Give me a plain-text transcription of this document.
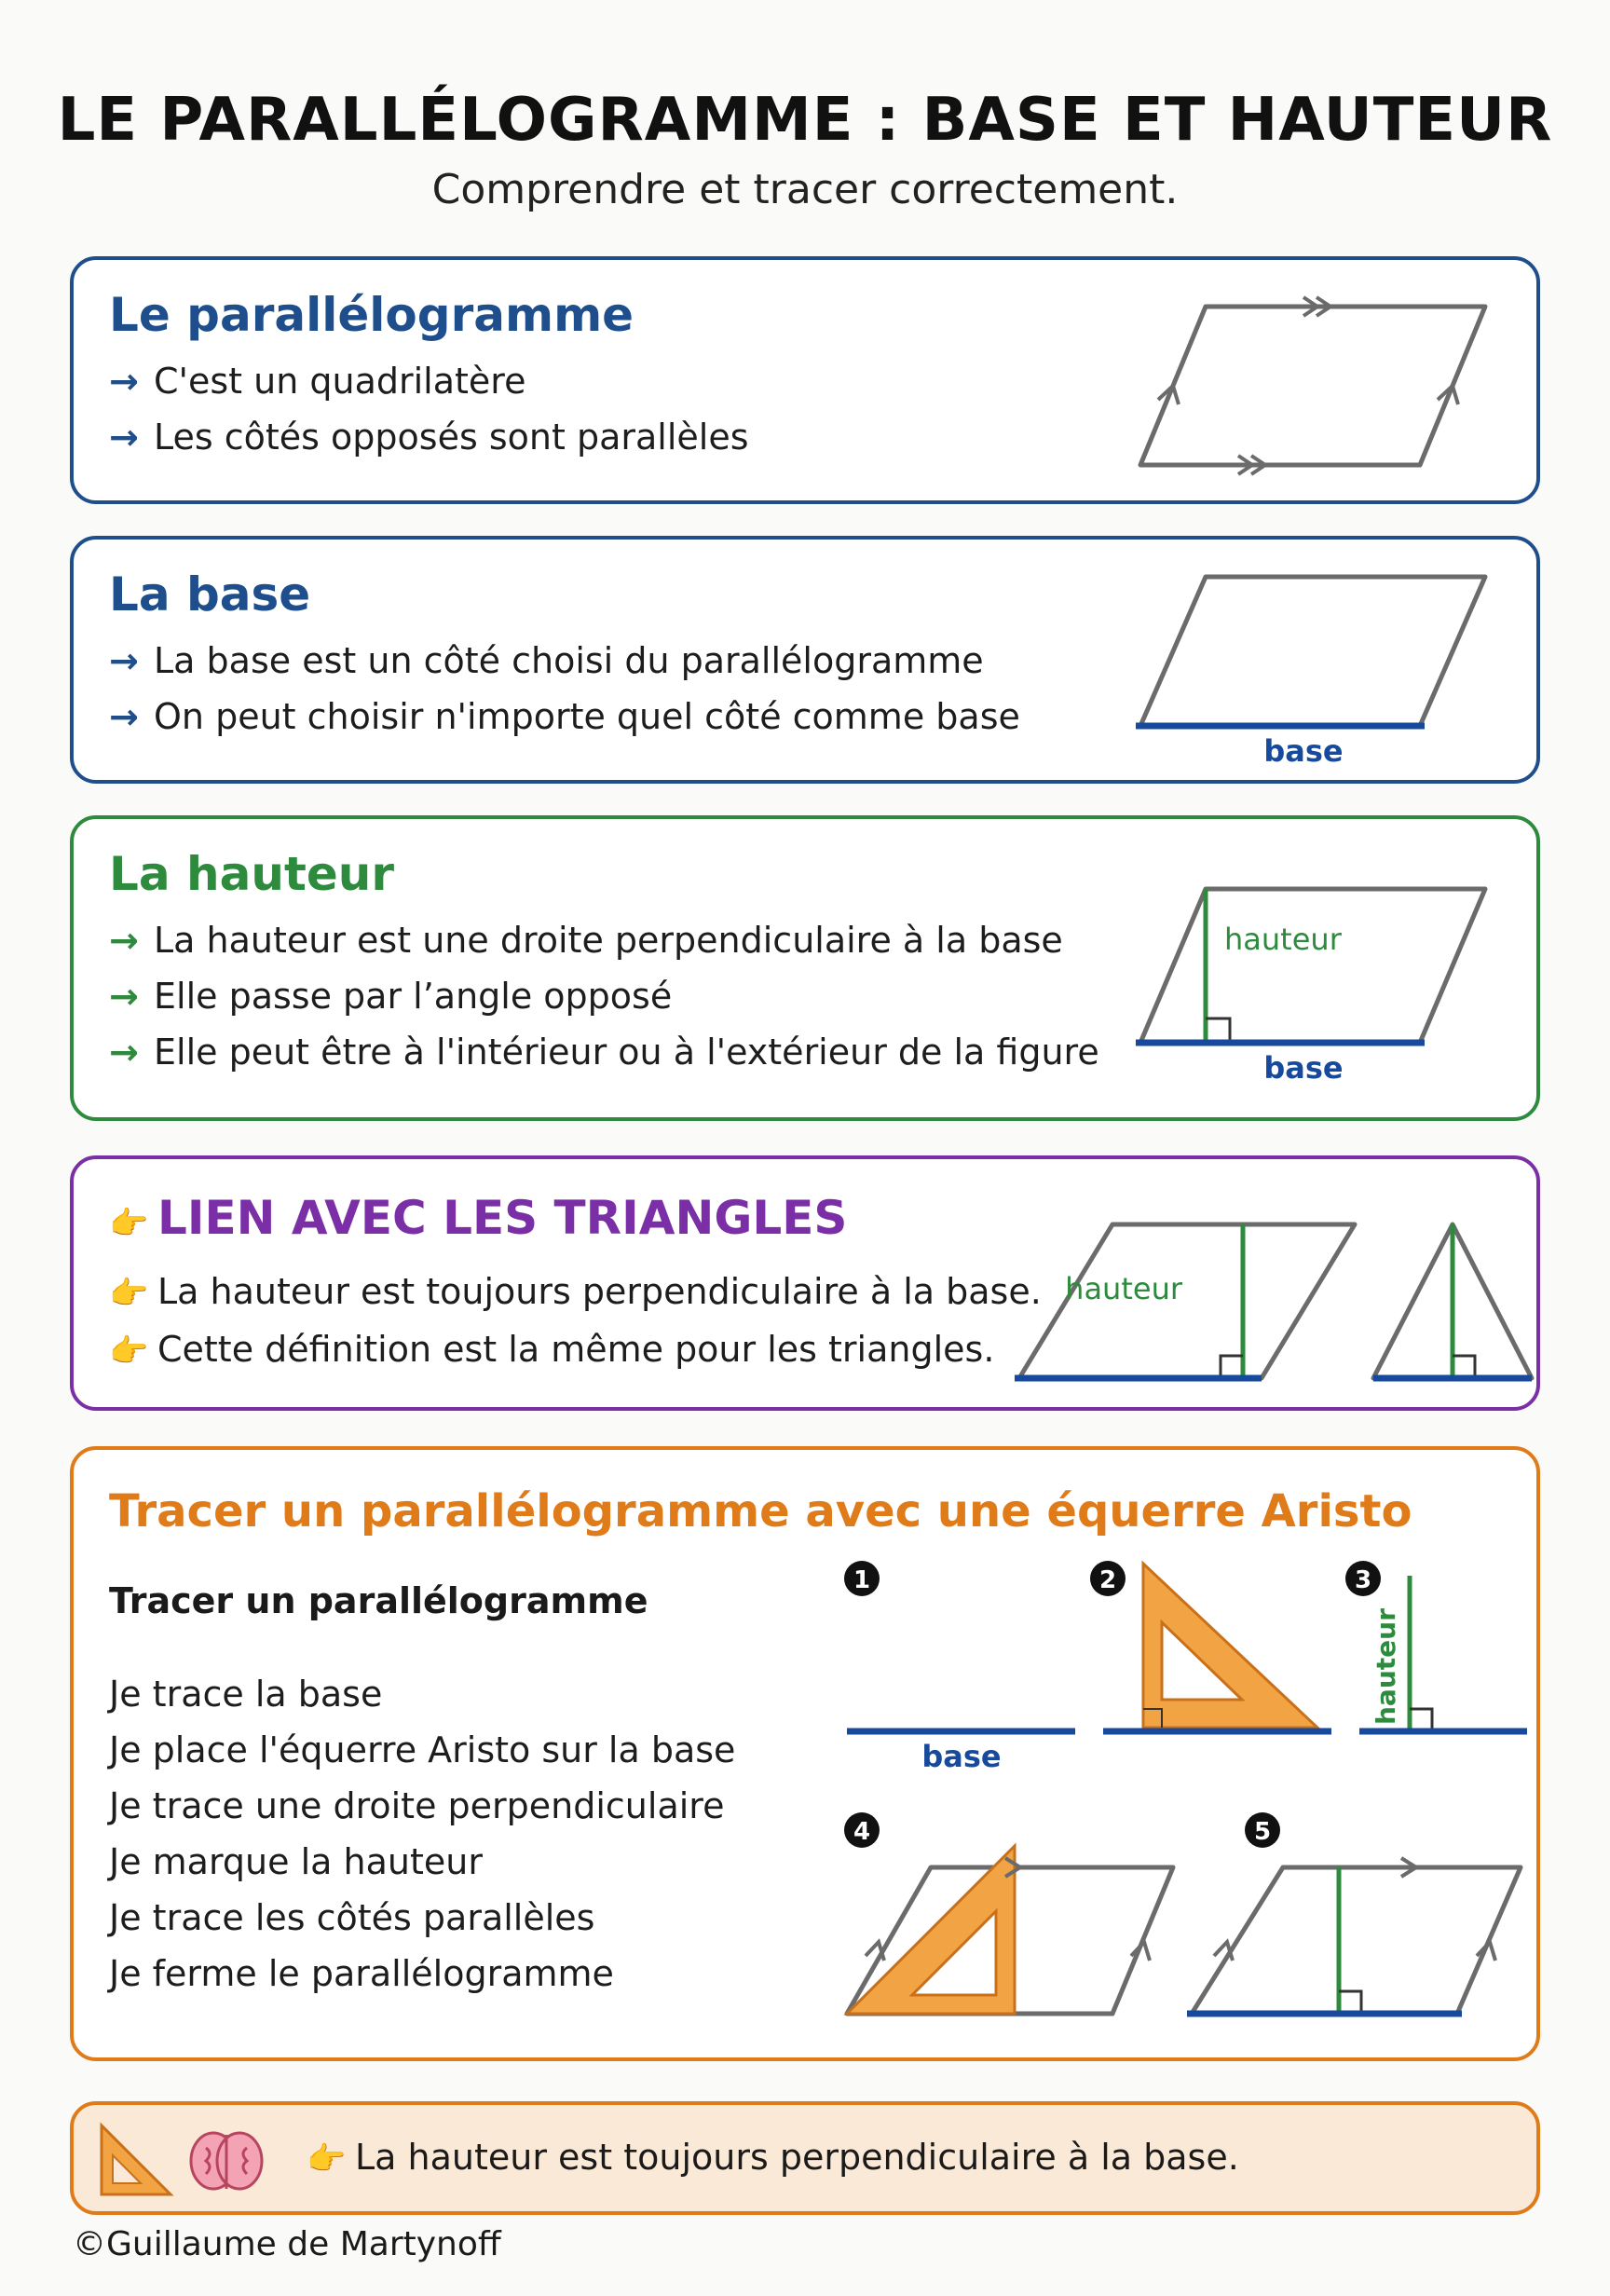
LE PARALLÉLOGRAMME : BASE ET HAUTEUR
Comprendre et tracer correctement.
Le parallélogramme
→ C'est un quadrilatère
→ Les côtés opposés sont parallèles
La base
→ La base est un côté choisi du parallélogramme
→ On peut choisir n'importe quel côté comme base
base
La hauteur
→ La hauteur est une droite perpendiculaire à la base
→ Elle passe par l’angle opposé
→ Elle peut être à l'intérieur ou à l'extérieur de la figure
hauteur
base
👉 LIEN AVEC LES TRIANGLES
👉 La hauteur est toujours perpendiculaire à la base.
👉 Cette définition est la même pour les triangles.
hauteur
Tracer un parallélogramme avec une équerre Aristo
Tracer un parallélogramme
Je trace la base
Je place l'équerre Aristo sur la base
Je trace une droite perpendiculaire
Je marque la hauteur
Je trace les côtés parallèles
Je ferme le parallélogramme
1
base
2	3
hauteur
4	5
👉 La hauteur est toujours perpendiculaire à la base.
©Guillaume de Martynoff
